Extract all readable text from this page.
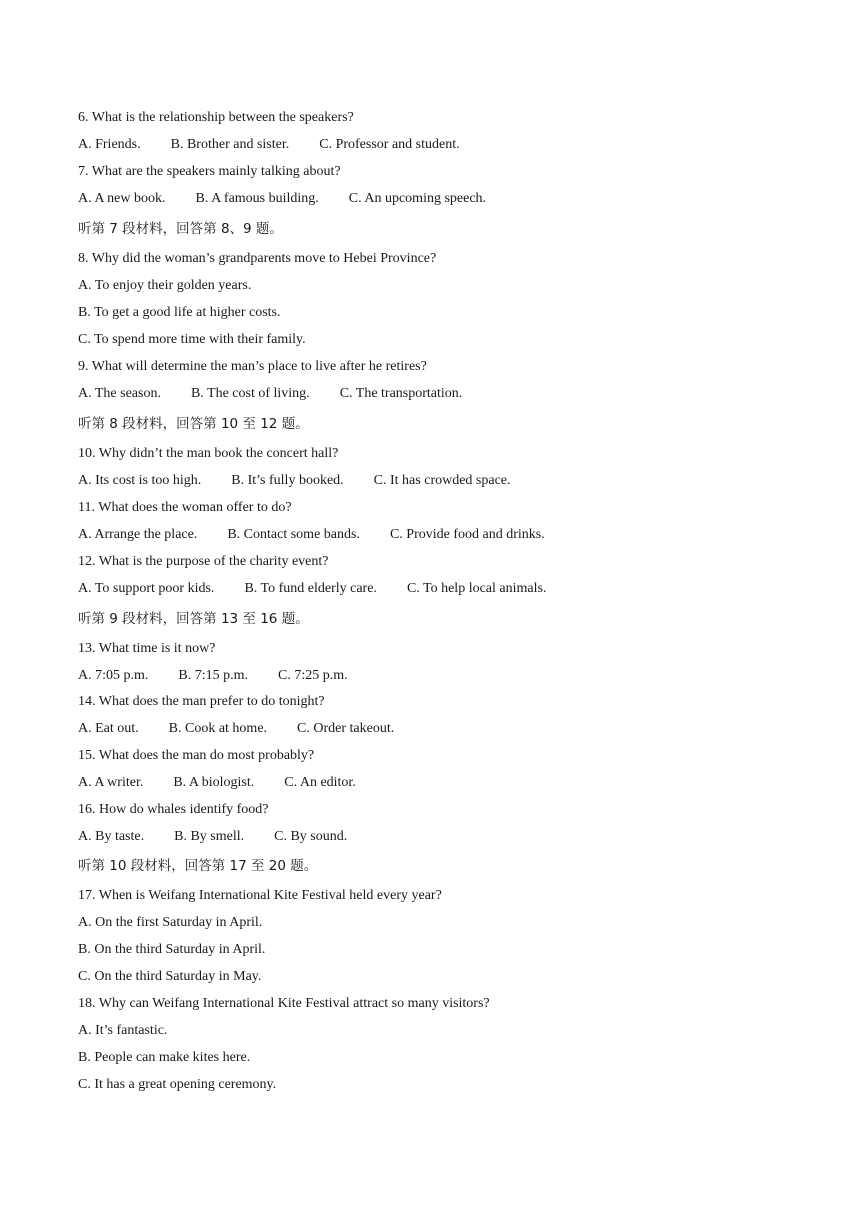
6. What is the relationship between the speakers?
A. Friends. B. Brother and sister. C. Professor and student.
7. What are the speakers mainly talking about?
A. A new book. B. A famous building. C. An upcoming speech.
听第 7 段材料，回答第 8、9 题。
8. Why did the woman’s grandparents move to Hebei Province?
A. To enjoy their golden years.
B. To get a good life at higher costs.
C. To spend more time with their family.
9. What will determine the man’s place to live after he retires?
A. The season. B. The cost of living. C. The transportation.
听第 8 段材料，回答第 10 至 12 题。
10. Why didn’t the man book the concert hall?
A. Its cost is too high. B. It’s fully booked. C. It has crowded space.
11. What does the woman offer to do?
A. Arrange the place. B. Contact some bands. C. Provide food and drinks.
12. What is the purpose of the charity event?
A. To support poor kids. B. To fund elderly care. C. To help local animals.
听第 9 段材料，回答第 13 至 16 题。
13. What time is it now?
A. 7:05 p.m. B. 7:15 p.m. C. 7:25 p.m.
14. What does the man prefer to do tonight?
A. Eat out. B. Cook at home. C. Order takeout.
15. What does the man do most probably?
A. A writer. B. A biologist. C. An editor.
16. How do whales identify food?
A. By taste. B. By smell. C. By sound.
听第 10 段材料，回答第 17 至 20 题。
17. When is Weifang International Kite Festival held every year?
A. On the first Saturday in April.
B. On the third Saturday in April.
C. On the third Saturday in May.
18. Why can Weifang International Kite Festival attract so many visitors?
A. It’s fantastic.
B. People can make kites here.
C. It has a great opening ceremony.
